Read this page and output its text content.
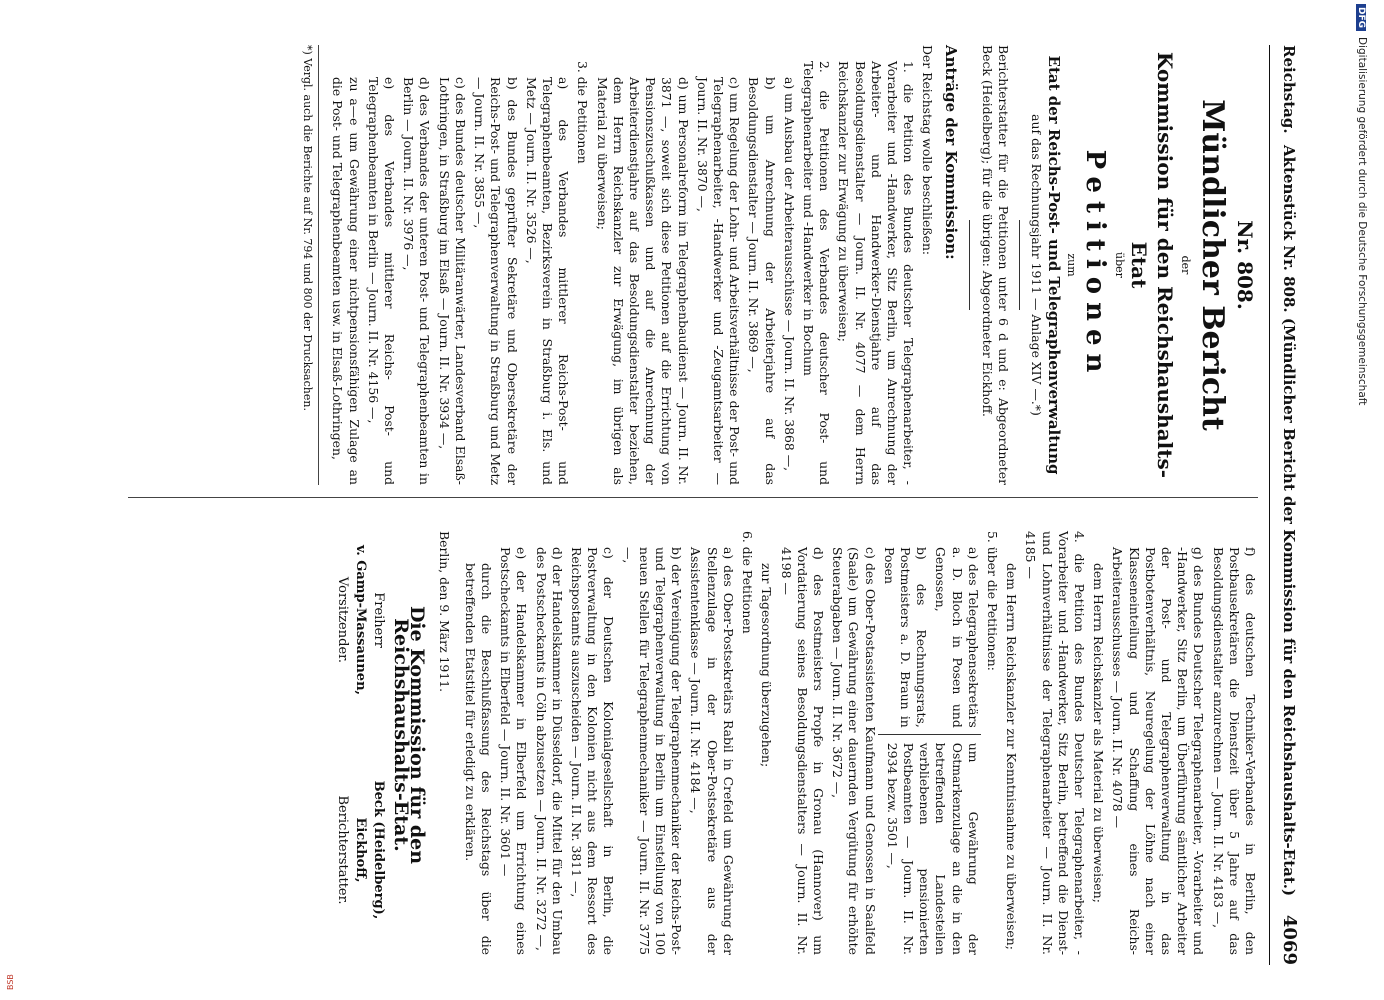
Reichstag.
Aktenstück Nr. 808. (Mündlicher Bericht der Kommission für den Reichshaushalts-Etat.)
4069
Nr. 808.
Mündlicher Bericht
der
Kommission für den Reichshaushalts-Etat
über
Petitionen
zum
Etat der Reichs-Post- und Telegraphenverwaltung
auf das Rechnungsjahr 1911 — Anlage XIV —.*)

Berichterstatter für die Petitionen unter 6 d und e: Abgeordneter Beck (Heidelberg); für die übrigen: Abgeordneter Eickhoff.

Anträge der Kommission:

Der Reichstag wolle beschließen:

1. die Petition des Bundes deutscher Telegraphenarbeiter, -Vorarbeiter und -Handwerker, Sitz Berlin, um Anrechnung der Arbeiter- und Handwerker-Dienstjahre auf das Besoldungsdienstalter — Journ. II. Nr. 4077 — dem Herrn Reichskanzler zur Erwägung zu überweisen;

2. die Petitionen des Verbandes deutscher Post- und Telegraphenarbeiter und -Handwerker in Bochum

a) um Ausbau der Arbeiterausschüsse — Journ. II. Nr. 3868 —,

b) um Anrechnung der Arbeiterjahre auf das Besoldungsdienstalter — Journ. II. Nr. 3869 —,

c) um Regelung der Lohn- und Arbeitsverhältnisse der Post- und Telegraphenarbeiter, -Handwerker und -Zeugamtsarbeiter — Journ. II. Nr. 3870 —,

d) um Personalreform im Telegraphenbaudienst — Journ. II. Nr. 3871 —, soweit sich diese Petitionen auf die Errichtung von Pensionszuschußkassen und auf die Anrechnung der Arbeiterdienstjahre auf das Besoldungsdienstalter beziehen, dem Herrn Reichskanzler zur Erwägung, im übrigen als Material zu überweisen;

3. die Petitionen

a) des Verbandes mittlerer Reichs-Post- und Telegraphenbeamten, Bezirksverein in Straßburg i. Els. und Metz — Journ. II. Nr. 3526 —,

b) des Bundes geprüfter Sekretäre und Obersekretäre der Reichs-Post- und Telegraphenverwaltung in Straßburg und Metz — Journ. II. Nr. 3855 —,

c) des Bundes deutscher Militäranwärter, Landesverband Elsaß-Lothringen, in Straßburg im Elsaß — Journ. II. Nr. 3934 —,

d) des Verbandes der unteren Post- und Telegraphenbeamten in Berlin — Journ. II. Nr. 3976 —,

e) des Verbandes mittlerer Reichs- Post- und Telegraphenbeamten in Berlin — Journ. II. Nr. 4156 —,

zu a—e um Gewährung einer nichtpensionsfähigen Zulage an die Post- und Telegraphenbeamten usw. in Elsaß-Lothringen,

*) Vergl. auch die Berichte auf Nr. 794 und 800 der Drucksachen.

f) des deutschen Techniker-Verbandes in Berlin, den Postbausekretären die Dienstzeit über 5 Jahre auf das Besoldungsdienstalter anzurechnen — Journ. II. Nr. 4183 —,

g) des Bundes Deutscher Telegraphenarbeiter, -Vorarbeiter und -Handwerker, Sitz Berlin, um Überführung sämtlicher Arbeiter der Post- und Telegraphenverwaltung in das Postbotenverhältnis, Neuregelung der Löhne nach einer Klasseneinteilung und Schaffung eines Reichs-Arbeiterausschusses — Journ. II. Nr. 4078 —

dem Herrn Reichskanzler als Material zu überweisen;

4. die Petition des Bundes Deutscher Telegraphenarbeiter, -Vorarbeiter und -Handwerker, Sitz Berlin, betreffend die Dienst- und Lohnverhältnisse der Telegraphenarbeiter — Journ. II. Nr. 4185 —

dem Herrn Reichskanzler zur Kenntnisnahme zu überweisen;

5. über die Petitionen:

a) des Telegraphensekretärs a. D. Bloch in Posen und Genossen,

b) des Rechnungsrats, Postmeisters a. D. Braun in Posen

um Gewährung der Ostmarkenzulage an die in den betreffenden Landesteilen verbliebenen pensionierten Postbeamten — Journ. II. Nr. 2934 bezw. 3501 —,

c) des Ober-Postassistenten Kaufmann und Genossen in Saalfeld (Saale) um Gewährung einer dauernden Vergütung für erhöhte Steuerabgaben — Journ. II. Nr. 3672 —,

d) des Postmeisters Propfe in Gronau (Hannover) um Vordatierung seines Besoldungsdienstalters — Journ. II. Nr. 4198 —

zur Tagesordnung überzugehen;

6. die Petitionen

a) des Ober-Postsekretärs Rabil in Crefeld um Gewährung der Stellenzulage in der Ober-Postsekretäre aus der Assistentenklasse — Journ. II. Nr. 4184 —,

b) der Vereinigung der Telegraphenmechaniker der Reichs-Post- und Telegraphenverwaltung in Berlin um Einstellung von 100 neuen Stellen für Telegraphenmechaniker — Journ. II. Nr. 3775 —,

c) der Deutschen Kolonialgesellschaft in Berlin, die Postverwaltung in den Kolonien nicht aus dem Ressort des Reichspostamts auszuscheiden — Journ. II. Nr. 3811 —,

d) der Handelskammer in Düsseldorf, die Mittel für den Umbau des Postscheckamts in Cöln abzusetzen — Journ. II. Nr. 3272 —,

e) der Handelskammer in Elberfeld um Errichtung eines Postscheckamts in Elberfeld — Journ. II. Nr. 3601 —

durch die Beschlußfassung des Reichstags über die betreffenden Etatstitel für erledigt zu erklären.

Berlin, den 9. März 1911.

Die Kommission für den Reichshaushalts-Etat.
Freiherr
v. Gamp-Massaunen,
Vorsitzender.
Beck (Heidelberg),
Eickhoff,
Berichterstatter.
DFGDigitalisierung gefördert durch die Deutsche Forschungsgemeinschaft
BSB
